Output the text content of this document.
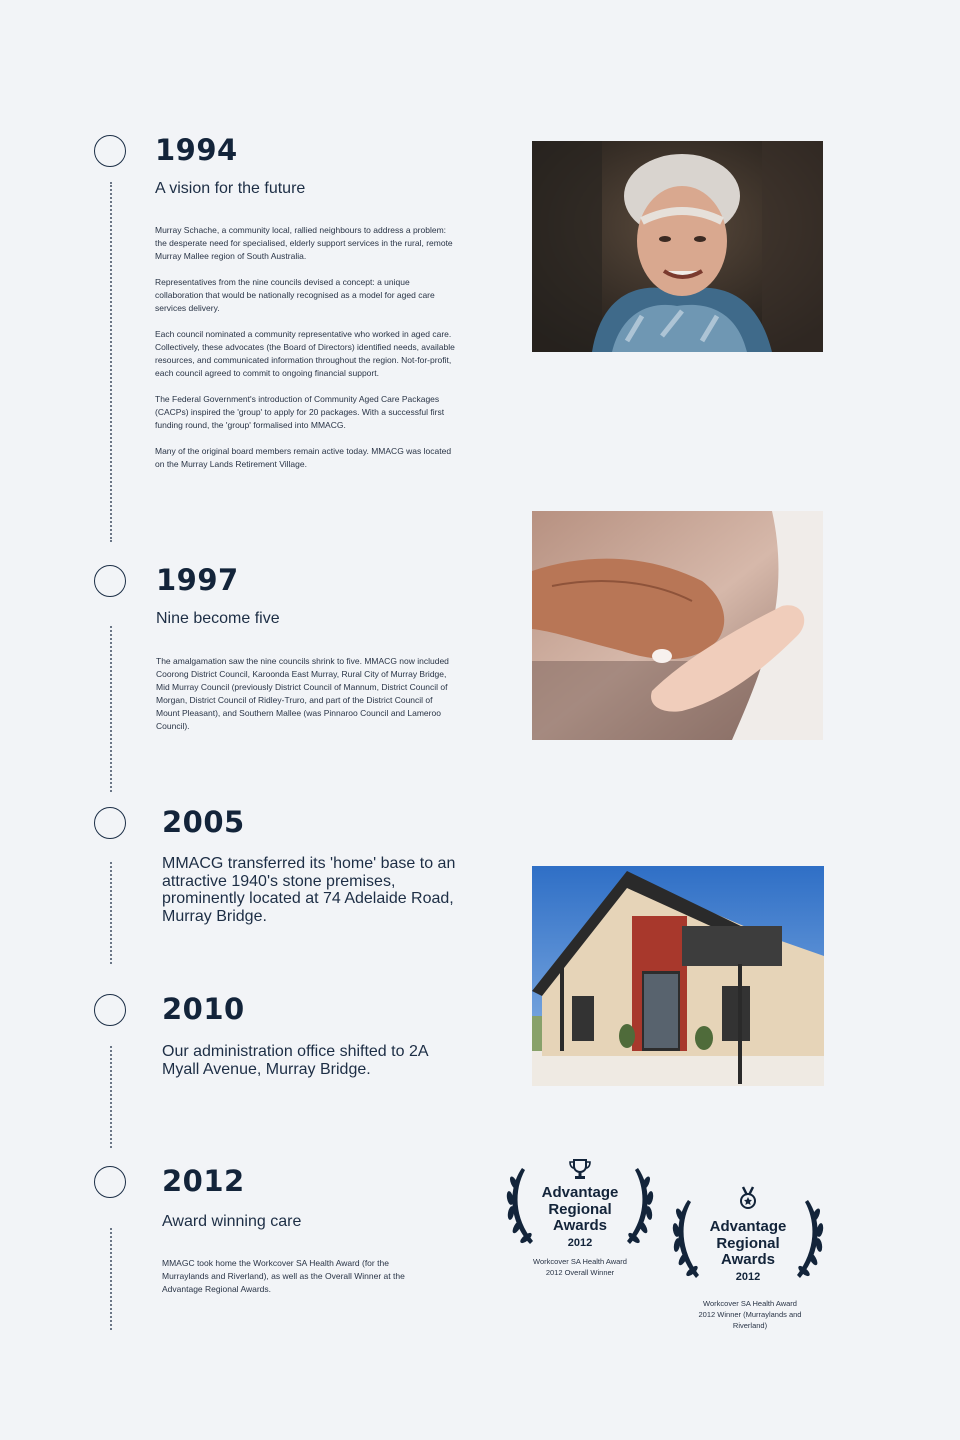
1994
A vision for the future

Murray Schache, a community local, rallied neighbours to address a problem: the desperate need for specialised, elderly support services in the rural, remote Murray Mallee region of South Australia.

Representatives from the nine councils devised a concept: a unique collaboration that would be nationally recognised as a model for aged care services delivery.

Each council nominated a community representative who worked in aged care. Collectively, these advocates (the Board of Directors) identified needs, available resources, and communicated information throughout the region. Not-for-profit, each council agreed to commit to ongoing financial support.

The Federal Government's introduction of Community Aged Care Packages (CACPs) inspired the 'group' to apply for 20 packages. With a successful first funding round, the 'group' formalised into MMACG.

Many of the original board members remain active today. MMACG was located on the Murray Lands Retirement Village.

1997
Nine become five

The amalgamation saw the nine councils shrink to five. MMACG now included Coorong District Council, Karoonda East Murray, Rural City of Murray Bridge, Mid Murray Council (previously District Council of Mannum, District Council of Morgan, District Council of Ridley-Truro, and part of the District Council of Mount Pleasant), and Southern Mallee (was Pinnaroo Council and Lameroo Council).

2005
MMACG transferred its 'home' base to an attractive 1940's stone premises, prominently located at 74 Adelaide Road, Murray Bridge.
2010
Our administration office shifted to 2A Myall Avenue, Murray Bridge.
2012
Award winning care

MMAGC took home the Workcover SA Health Award (for the Murraylands and Riverland), as well as the Overall Winner at the Advantage Regional Awards.

Advantage
Regional
Awards
2012
Workcover SA Health Award
2012 Overall Winner
Advantage
Regional
Awards
2012
Workcover SA Health Award
2012 Winner (Murraylands and
Riverland)
